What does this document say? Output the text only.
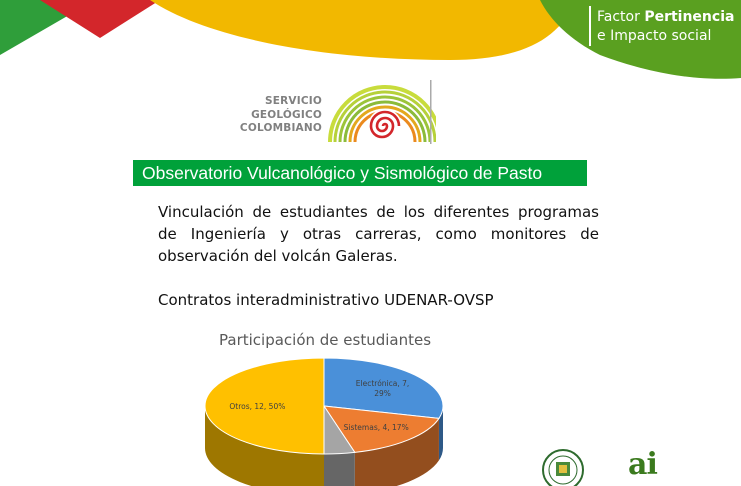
Factor Pertinencia
e Impacto social
SERVICIO
GEOLÓGICO
COLOMBIANO
Observatorio Vulcanológico y Sismológico de Pasto
Vinculación de estudiantes de los diferentes programas de Ingeniería y otras carreras, como monitores de observación del volcán Galeras.
Contratos interadministrativo UDENAR-OVSP
Participación de estudiantes
Electrónica, 7,
29%
Sistemas, 4, 17%
Otros, 12, 50%
ai
